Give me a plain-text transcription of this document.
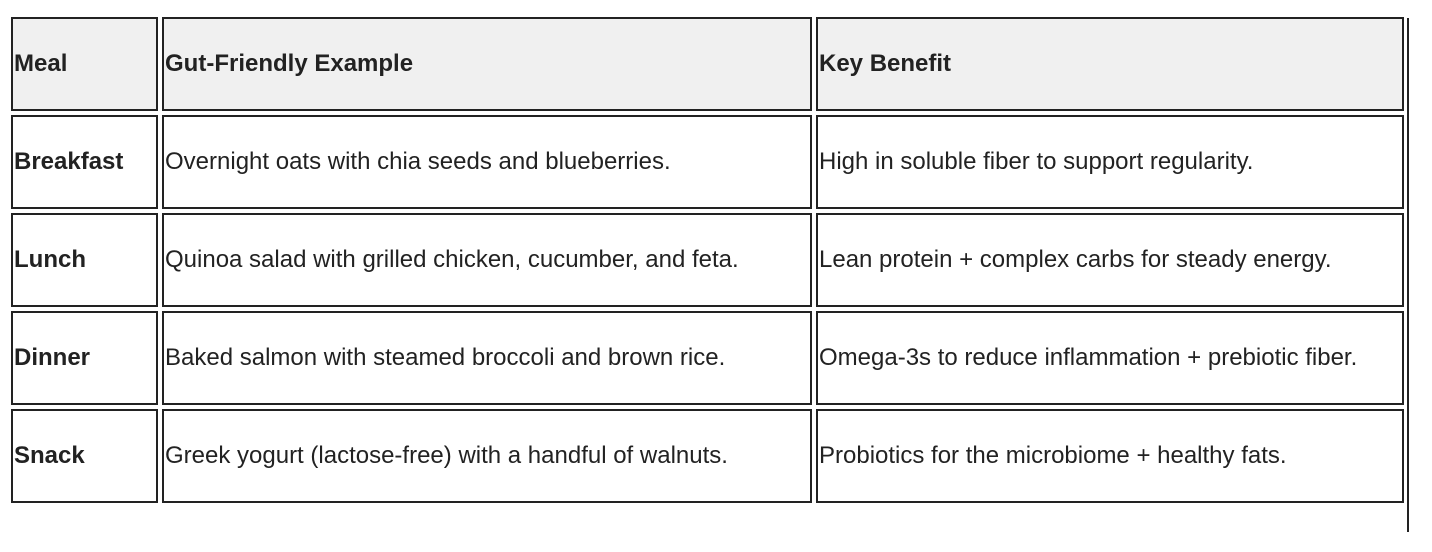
Meal	Gut-Friendly Example	Key Benefit
Breakfast	Overnight oats with chia seeds and blueberries.	High in soluble fiber to support regularity.
Lunch	Quinoa salad with grilled chicken, cucumber, and feta.	Lean protein + complex carbs for steady energy.
Dinner	Baked salmon with steamed broccoli and brown rice.	Omega-3s to reduce inflammation + prebiotic fiber.
Snack	Greek yogurt (lactose-free) with a handful of walnuts.	Probiotics for the microbiome + healthy fats.
